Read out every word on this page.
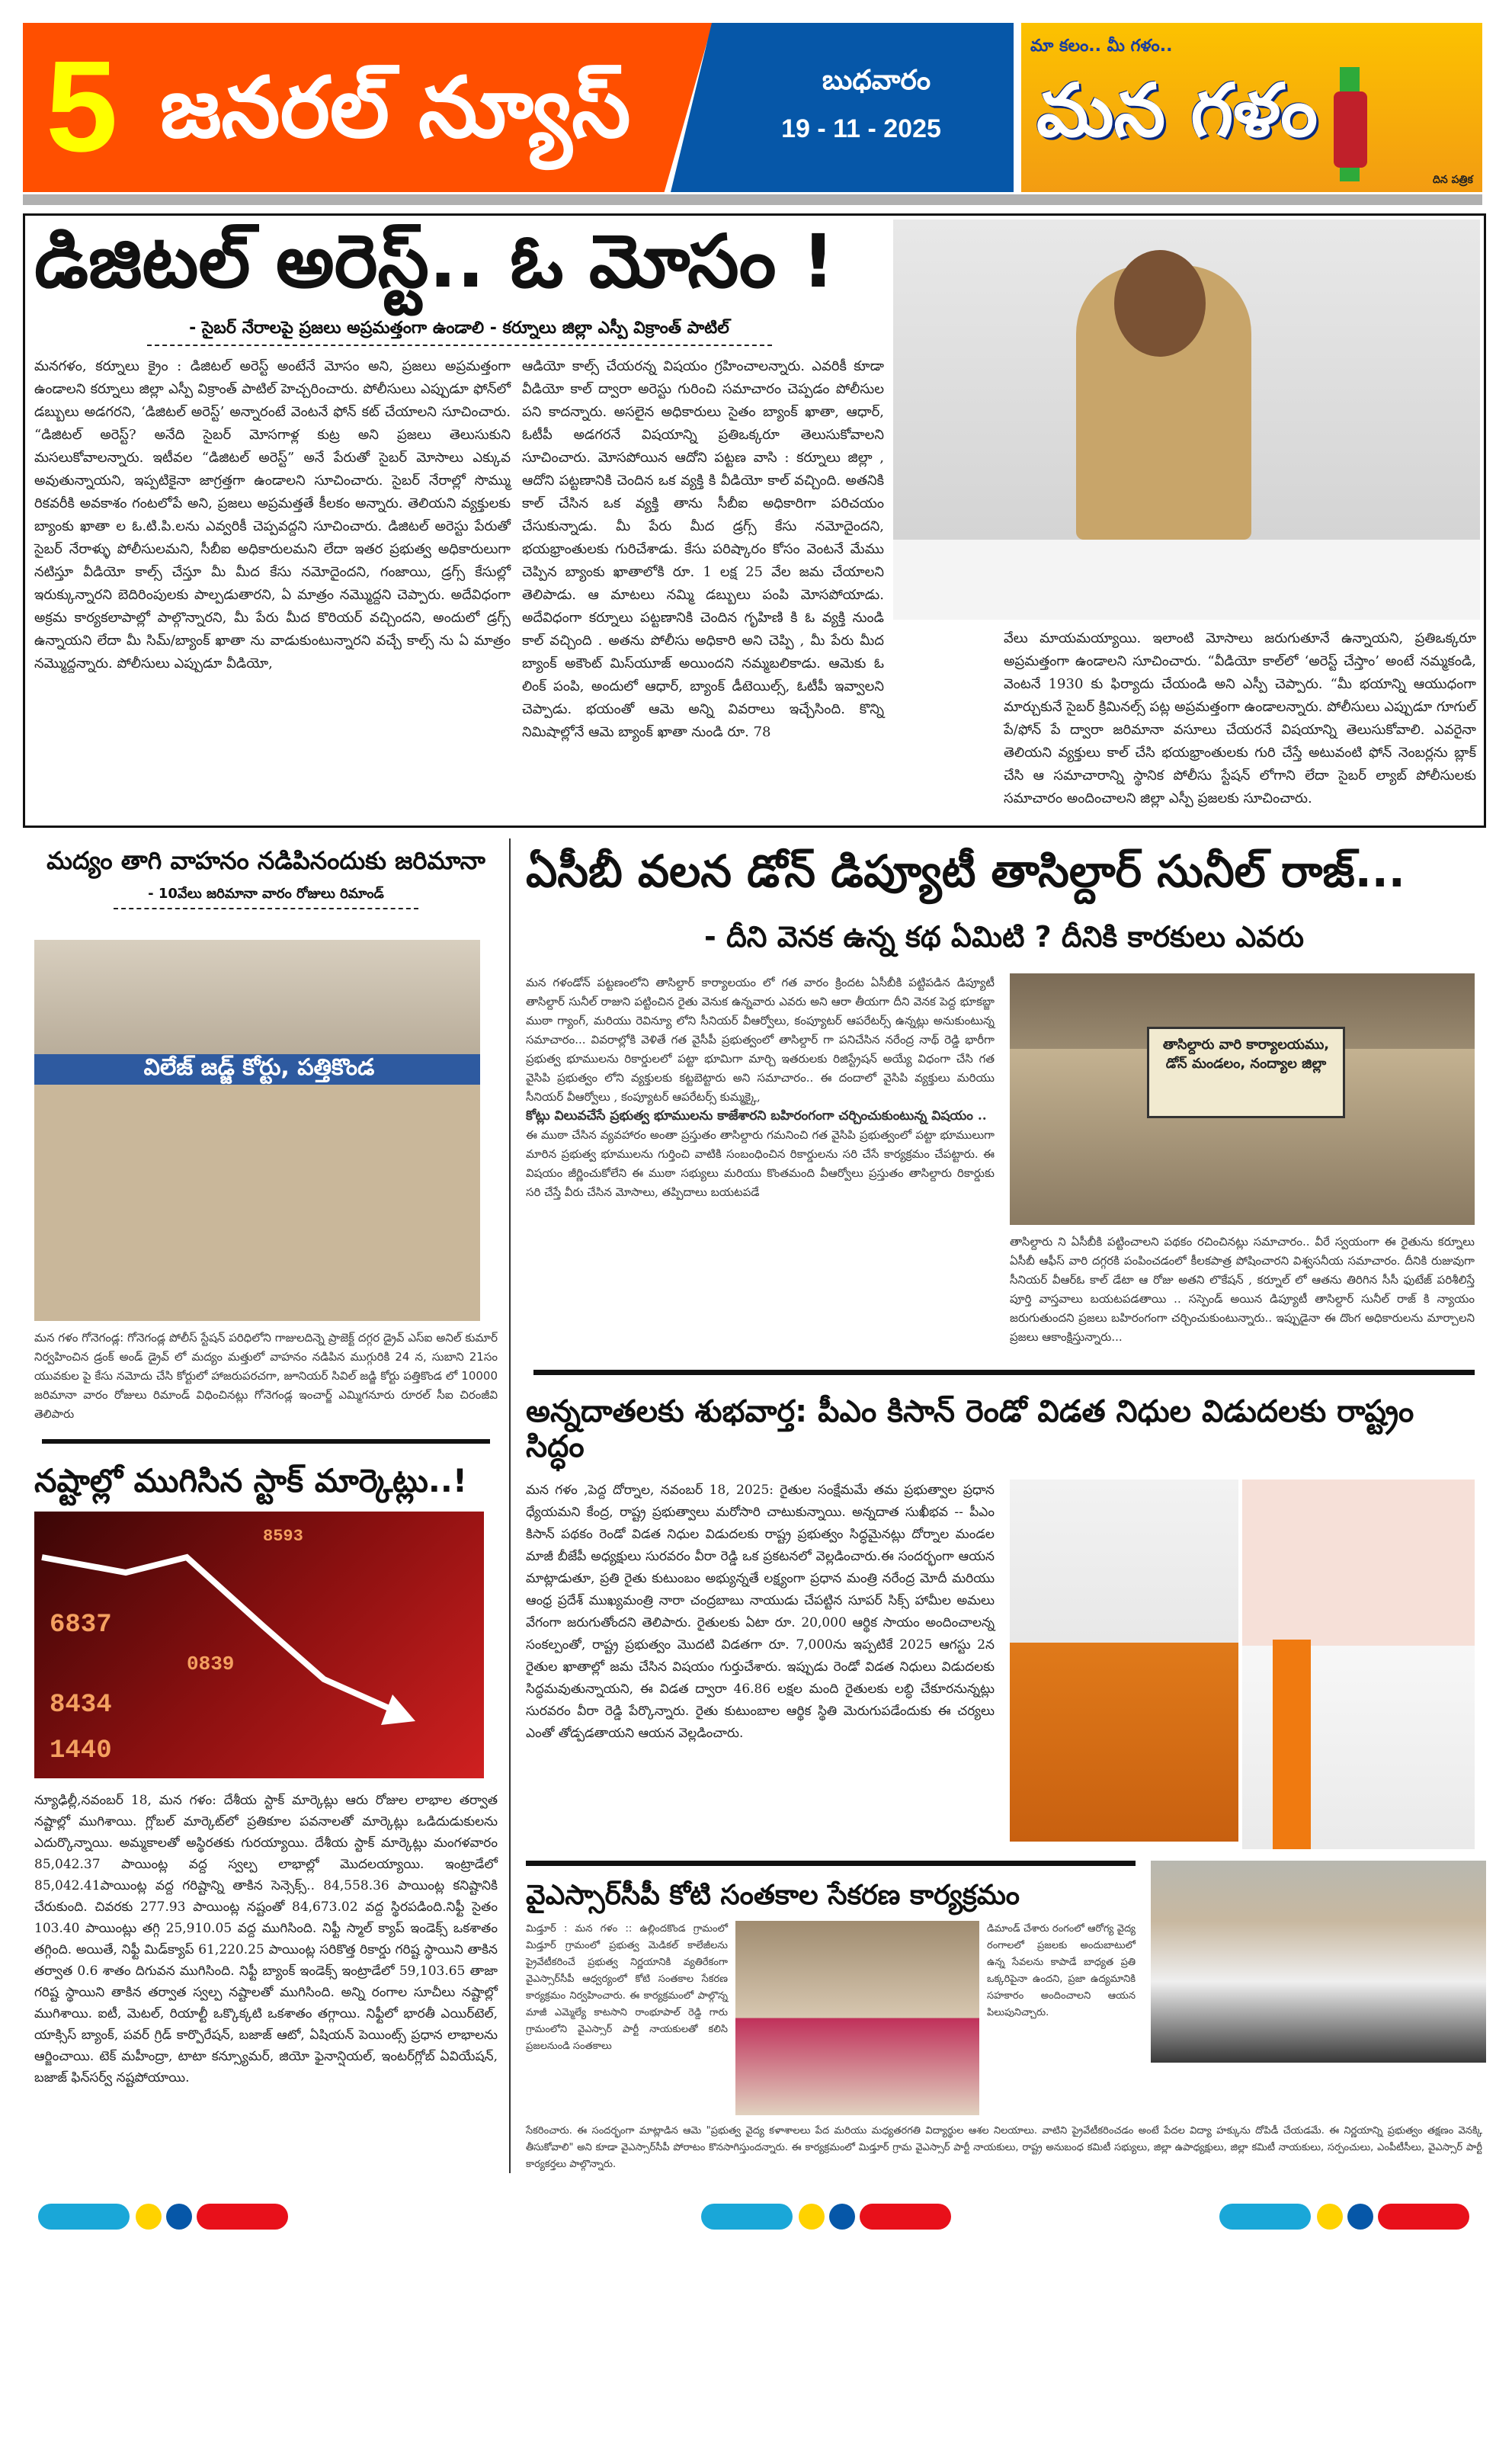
5 జనరల్ న్యూస్	బుధవారం
19 - 11 - 2025
మా కలం.. మీ గళం..
మన గళం
దిన పత్రిక
డిజిటల్ అరెస్ట్.. ఓ మోసం !
- సైబర్ నేరాలపై ప్రజలు అప్రమత్తంగా ఉండాలి - కర్నూలు జిల్లా ఎస్పీ విక్రాంత్ పాటిల్
మనగళం, కర్నూలు క్రైం : డిజిటల్ అరెస్ట్ అంటేనే మోసం అని, ప్రజలు అప్రమత్తంగా ఉండాలని కర్నూలు జిల్లా ఎస్పీ విక్రాంత్ పాటిల్ హెచ్చరించారు. పోలీసులు ఎప్పుడూ ఫోన్‌లో డబ్బులు అడగరని, ‘డిజిటల్ అరెస్ట్’ అన్నారంటే వెంటనే ఫోన్ కట్ చేయాలని సూచించారు. “డిజిటల్ అరెస్ట్? అనేది సైబర్ మోసగాళ్ల కుట్ర అని ప్రజలు తెలుసుకుని మసలుకోవాలన్నారు. ఇటీవల “డిజిటల్ అరెస్ట్” అనే పేరుతో సైబర్ మోసాలు ఎక్కువ అవుతున్నాయని, ఇప్పటికైనా జాగ్రత్తగా ఉండాలని సూచించారు. సైబర్ నేరాల్లో సొమ్ము రికవరీకి అవకాశం గంటలోపే అని, ప్రజలు అప్రమత్తతే కీలకం అన్నారు. తెలియని వ్యక్తులకు బ్యాంకు ఖాతా ల ఓ.టి.పి.లను ఎవ్వరికీ చెప్పవద్దని సూచించారు. డిజిటల్ అరెస్టు పేరుతో సైబర్ నేరాళ్ళు పోలీసులమని, సీబీఐ అధికారులమని లేదా ఇతర ప్రభుత్వ అధికారులుగా నటిస్తూ వీడియో కాల్స్ చేస్తూ మీ మీద కేసు నమోదైందని, గంజాయి, డ్రగ్స్ కేసుల్లో ఇరుక్కున్నారని బెదిరింపులకు పాల్పడుతారని, ఏ మాత్రం నమ్మొద్దని చెప్పారు. అదేవిధంగా అక్రమ కార్యకలాపాల్లో పాల్గొన్నారని, మీ పేరు మీద కొరియర్ వచ్చిందని, అందులో డ్రగ్స్ ఉన్నాయని లేదా మీ సిమ్/బ్యాంక్ ఖాతా ను వాడుకుంటున్నారని వచ్చే కాల్స్ ను ఏ మాత్రం నమ్మొద్దన్నారు. పోలీసులు ఎప్పుడూ వీడియో,
ఆడియో కాల్స్ చేయరన్న విషయం గ్రహించాలన్నారు. ఎవరికీ కూడా వీడియో కాల్ ద్వారా అరెస్టు గురించి సమాచారం చెప్పడం పోలీసుల పని కాదన్నారు. అసలైన అధికారులు సైతం బ్యాంక్ ఖాతా, ఆధార్, ఓటీపీ అడగరనే విషయాన్ని ప్రతిఒక్కరూ తెలుసుకోవాలని సూచించారు. మోసపోయిన ఆదోని పట్టణ వాసి : కర్నూలు జిల్లా , ఆదోని పట్టణానికి చెందిన ఒక వ్యక్తి కి వీడియో కాల్ వచ్చింది. అతనికి కాల్ చేసిన ఒక వ్యక్తి తాను సీబీఐ అధికారిగా పరిచయం చేసుకున్నాడు. మీ పేరు మీద డ్రగ్స్ కేసు నమోదైందని, భయభ్రాంతులకు గురిచేశాడు. కేసు పరిష్కారం కోసం వెంటనే మేము చెప్పిన బ్యాంకు ఖాతాలోకి రూ. 1 లక్ష 25 వేల జమ చేయాలని తెలిపాడు. ఆ మాటలు నమ్మి డబ్బులు పంపి మోసపోయాడు. అదేవిధంగా కర్నూలు పట్టణానికి చెందిన గృహిణి కి ఓ వ్యక్తి నుండి కాల్ వచ్చింది . అతను పోలీసు అధికారి అని చెప్పి , మీ పేరు మీద బ్యాంక్ అకౌంట్ మిస్‌యూజ్ అయిందని నమ్మబలికాడు. ఆమెకు ఓ లింక్ పంపి, అందులో ఆధార్, బ్యాంక్ డీటెయిల్స్, ఓటీపీ ఇవ్వాలని చెప్పాడు. భయంతో ఆమె అన్ని వివరాలు ఇచ్చేసింది. కొన్ని నిమిషాల్లోనే ఆమె బ్యాంక్ ఖాతా నుండి రూ. 78
వేలు మాయమయ్యాయి. ఇలాంటి మోసాలు జరుగుతూనే ఉన్నాయని, ప్రతిఒక్కరూ అప్రమత్తంగా ఉండాలని సూచించారు. “వీడియో కాల్‌లో ‘అరెస్ట్ చేస్తాం’ అంటే నమ్మకండి, వెంటనే 1930 కు ఫిర్యాదు చేయండి అని ఎస్పీ చెప్పారు. “మీ భయాన్ని ఆయుధంగా మార్చుకునే సైబర్ క్రిమినల్స్ పట్ల అప్రమత్తంగా ఉండాలన్నారు. పోలీసులు ఎప్పుడూ గూగుల్ పే/ఫోన్ పే ద్వారా జరిమానా వసూలు చేయరనే విషయాన్ని తెలుసుకోవాలి. ఎవరైనా తెలియని వ్యక్తులు కాల్ చేసి భయభ్రాంతులకు గురి చేస్తే అటువంటి ఫోన్ నెంబర్లను బ్లాక్ చేసి ఆ సమాచారాన్ని స్థానిక పోలీసు స్టేషన్ లోగాని లేదా సైబర్ ల్యాబ్ పోలీసులకు సమాచారం అందించాలని జిల్లా ఎస్పీ ప్రజలకు సూచించారు.
మద్యం తాగి వాహనం నడిపినందుకు జరిమానా
- 10వేలు జరిమానా వారం రోజులు రిమాండ్
విలేజ్ జడ్జ్ కోర్టు, పత్తికొండ
మన గళం గోనెగండ్ల: గోనెగండ్ల పోలీస్ స్టేషన్ పరిధిలోని గాజులదిన్నె ప్రాజెక్ట్ దగ్గర డ్రైవ్ ఎస్ఐ అనిల్ కుమార్ నిర్వహించిన డ్రంక్ అండ్ డ్రైవ్ లో మద్యం మత్తులో వాహనం నడిపిన ముగ్గురికి 24 న, సుబాని 21సం యువకుల పై కేసు నమోదు చేసి కోర్టులో హాజరుపరచగా, జూనియర్ సివిల్ జడ్జి కోర్టు పత్తికొండ లో 10000 జరిమానా వారం రోజులు రిమాండ్ విధించినట్లు గోనెగండ్ల ఇంచార్జ్ ఎమ్మిగనూరు రూరల్ సీఐ చిరంజీవి తెలిపారు
నష్టాల్లో ముగిసిన స్టాక్ మార్కెట్లు..!
8593
6837
0839
8434
1440
న్యూఢిల్లీ,నవంబర్ 18, మన గళం: దేశీయ స్టాక్ మార్కెట్లు ఆరు రోజుల లాభాల తర్వాత నష్టాల్లో ముగిశాయి. గ్లోబల్ మార్కెట్‌లో ప్రతికూల పవనాలతో మార్కెట్లు ఒడిదుడుకులను ఎదుర్కొన్నాయి. అమ్మకాలతో అస్థిరతకు గురయ్యాయి. దేశీయ స్టాక్ మార్కెట్లు మంగళవారం 85,042.37 పాయింట్ల వద్ద స్వల్ప లాభాల్లో మొదలయ్యాయి. ఇంట్రాడేలో 85,042.41పాయింట్ల వద్ద గరిష్టాన్ని తాకిన సెన్సెక్స్.. 84,558.36 పాయింట్ల కనిష్టానికి చేరుకుంది. చివరకు 277.93 పాయింట్ల నష్టంతో 84,673.02 వద్ద స్థిరపడింది.నిఫ్టీ సైతం 103.40 పాయింట్లు తగ్గి 25,910.05 వద్ద ముగిసింది. నిఫ్టీ స్మాల్ క్యాప్ ఇండెక్స్ ఒకశాతం తగ్గింది. అయితే, నిఫ్టీ మిడ్‌క్యాప్ 61,220.25 పాయింట్ల సరికొత్త రికార్డు గరిష్ట స్థాయిని తాకిన తర్వాత 0.6 శాతం దిగువన ముగిసింది. నిఫ్టీ బ్యాంక్ ఇండెక్స్ ఇంట్రాడేలో 59,103.65 తాజా గరిష్ట స్థాయిని తాకిన తర్వాత స్వల్ప నష్టాలతో ముగిసింది. అన్ని రంగాల సూచీలు నష్టాల్లో ముగిశాయి. ఐటీ, మెటల్, రియాల్టీ ఒక్కొక్కటి ఒకశాతం తగ్గాయి. నిఫ్టీలో భారతీ ఎయిర్‌టెల్, యాక్సిస్ బ్యాంక్, పవర్ గ్రిడ్ కార్పొరేషన్, బజాజ్ ఆటో, ఏషియన్ పెయింట్స్ ప్రధాన లాభాలను ఆర్జించాయి. టెక్ మహీంద్రా, టాటా కన్స్యూమర్, జియో ఫైనాన్షియల్, ఇంటర్‌గ్లోబ్ ఏవియేషన్, బజాజ్ ఫిన్‌సర్వ్ నష్టపోయాయి.
ఏసీబీ వలన డోన్ డిప్యూటీ తాసిల్దార్ సునీల్ రాజ్...
- దీని వెనక ఉన్న కథ ఏమిటి ? దీనికి కారకులు ఎవరు
మన గళండోన్ పట్టణంలోని తాసిల్దార్ కార్యాలయం లో గత వారం క్రిందట ఏసీబీకి పట్టిపడిన డిప్యూటీ తాసిల్దార్ సునీల్ రాజుని పట్టించిన రైతు వెనుక ఉన్నవారు ఎవరు అని ఆరా తీయగా దీని వెనక పెద్ద భూకబ్జా ముఠా గ్యాంగ్, మరియు రెవిన్యూ లోని సీనియర్ వీఆర్వోలు, కంప్యూటర్ ఆపరేటర్స్ ఉన్నట్లు అనుకుంటున్న సమాచారం... వివరాల్లోకి వెళితే గత వైసీపీ ప్రభుత్వంలో తాసిల్దార్ గా పనిచేసిన నరేంద్ర నాథ్ రెడ్డి భారీగా ప్రభుత్వ భూములను రికార్డులలో పట్టా భూమిగా మార్చి ఇతరులకు రిజిస్ట్రేషన్ అయ్యే విధంగా చేసి గత వైసిపి ప్రభుత్వం లోని వ్యక్తులకు కట్టబెట్టారు అని సమాచారం.. ఈ దందాలో వైసిపి వ్యక్తులు మరియు సీనియర్ వీఆర్వోలు , కంప్యూటర్ ఆపరేటర్స్ కుమ్మక్కై,
కోట్లు విలువచేసే ప్రభుత్వ భూములను కాజేశారని బహిరంగంగా చర్చించుకుంటున్న విషయం ..
ఈ ముఠా చేసిన వ్యవహారం అంతా ప్రస్తుతం తాసిల్దారు గమనించి గత వైసిపి ప్రభుత్వంలో పట్టా భూములుగా మారిన ప్రభుత్వ భూములను గుర్తించి వాటికి సంబంధించిన రికార్డులను సరి చేసే కార్యక్రమం చేపట్టారు. ఈ విషయం జీర్ణించుకోలేని ఈ ముఠా సభ్యులు మరియు కొంతమంది వీఆర్వోలు ప్రస్తుతం తాసిల్దారు రికార్డుకు సరి చేస్తే వీరు చేసిన మోసాలు, తప్పిదాలు బయటపడే
తాసిల్దారు వారి కార్యాలయము, డోన్ మండలం, నంద్యాల జిల్లా
తాసిల్దారు ని ఏసీబీకి పట్టించాలని పథకం రచించినట్లు సమాచారం.. వీరే స్వయంగా ఈ రైతును కర్నూలు ఏసీబీ ఆఫీస్ వారి దగ్గరకి పంపించడంలో కీలకపాత్ర పోషించారని విశ్వసనీయ సమాచారం. దీనికి రుజువుగా సీనియర్ వీఆర్ఓ కాల్ డేటా ఆ రోజు అతని లొకేషన్ , కర్నూల్ లో ఆతను తిరిగిన సీసీ ఫుటేజ్ పరిశీలిస్తే పూర్తి వాస్తవాలు బయటపడతాయి .. సస్పెండ్ అయిన డిప్యూటీ తాసిల్దార్ సునీల్ రాజ్ కి న్యాయం జరుగుతుందని ప్రజలు బహిరంగంగా చర్చించుకుంటున్నారు.. ఇప్పుడైనా ఈ దొంగ అధికారులను మార్చాలని ప్రజలు ఆకాంక్షిస్తున్నారు...
అన్నదాతలకు శుభవార్త: పీఎం కిసాన్ రెండో విడత నిధుల విడుదలకు రాష్ట్రం సిద్ధం
మన గళం ,పెద్ద దోర్నాల, నవంబర్ 18, 2025: రైతుల సంక్షేమమే తమ ప్రభుత్వాల ప్రధాన ధ్యేయమని కేంద్ర, రాష్ట్ర ప్రభుత్వాలు మరోసారి చాటుకున్నాయి. అన్నదాత సుఖీభవ -- పీఎం కిసాన్ పథకం రెండో విడత నిధుల విడుదలకు రాష్ట్ర ప్రభుత్వం సిద్ధమైనట్లు దోర్నాల మండల మాజీ బీజేపీ అధ్యక్షులు సురవరం వీరా రెడ్డి ఒక ప్రకటనలో వెల్లడించారు.ఈ సందర్భంగా ఆయన మాట్లాడుతూ, ప్రతి రైతు కుటుంబం అభ్యున్నతే లక్ష్యంగా ప్రధాన మంత్రి నరేంద్ర మోదీ మరియు ఆంధ్ర ప్రదేశ్ ముఖ్యమంత్రి నారా చంద్రబాబు నాయుడు చేపట్టిన సూపర్ సిక్స్ హామీల అమలు వేగంగా జరుగుతోందని తెలిపారు. రైతులకు ఏటా రూ. 20,000 ఆర్థిక సాయం అందించాలన్న సంకల్పంతో, రాష్ట్ర ప్రభుత్వం మొదటి విడతగా రూ. 7,000ను ఇప్పటికే 2025 ఆగస్టు 2న రైతుల ఖాతాల్లో జమ చేసిన విషయం గుర్తుచేశారు. ఇప్పుడు రెండో విడత నిధులు విడుదలకు సిద్ధమవుతున్నాయని, ఈ విడత ద్వారా 46.86 లక్షల మంది రైతులకు లబ్ధి చేకూరనున్నట్లు సురవరం వీరా రెడ్డి పేర్కొన్నారు. రైతు కుటుంబాల ఆర్థిక స్థితి మెరుగుపడేందుకు ఈ చర్యలు ఎంతో తోడ్పడతాయని ఆయన వెల్లడించారు.
వైఎస్సార్‌సీపీ కోటి సంతకాల సేకరణ కార్యక్రమం
మిడ్తూర్ : మన గళం :: ఉల్లిందకొండ గ్రామంలో మిడ్తూర్ గ్రామంలో ప్రభుత్వ మెడికల్ కాలేజీలను ప్రైవేటీకరించే ప్రభుత్వ నిర్ణయానికి వ్యతిరేకంగా వైఎస్సార్‌సీపీ ఆధ్వర్యంలో కోటి సంతకాల సేకరణ కార్యక్రమం నిర్వహించారు. ఈ కార్యక్రమంలో పాల్గొన్న మాజీ ఎమ్మెల్యే కాటసాని రాంభూపాల్ రెడ్డి గారు గ్రామంలోని వైఎస్సార్ పార్టీ నాయకులతో కలిసి ప్రజలనుండి సంతకాలు
డిమాండ్ చేశారు రంగంలో ఆరోగ్య వైద్య రంగాలలో ప్రజలకు అందుబాటులో ఉన్న సేవలను కాపాడే బాధ్యత ప్రతి ఒక్కరిపైనా ఉందని, ప్రజా ఉద్యమానికి సహకారం అందించాలని ఆయన పిలుపునిచ్చారు.
సేకరించారు. ఈ సందర్భంగా మాట్లాడిన ఆమె "ప్రభుత్వ వైద్య కళాశాలలు పేద మరియు మధ్యతరగతి విద్యార్థుల ఆశల నిలయాలు. వాటిని ప్రైవేటీకరించడం అంటే పేదల విద్యా హక్కును దోపిడీ చేయడమే. ఈ నిర్ణయాన్ని ప్రభుత్వం తక్షణం వెనక్కి తీసుకోవాలి" అని కూడా వైఎస్సార్‌సీపీ పోరాటం కొనసాగిస్తుందన్నారు. ఈ కార్యక్రమంలో మిడ్తూర్ గ్రామ వైఎస్సార్ పార్టీ నాయకులు, రాష్ట్ర అనుబంధ కమిటీ సభ్యులు, జిల్లా ఉపాధ్యక్షులు, జిల్లా కమిటీ నాయకులు, సర్పంచులు, ఎంపీటీసీలు, వైఎస్సార్ పార్టీ కార్యకర్తలు పాల్గొన్నారు.
